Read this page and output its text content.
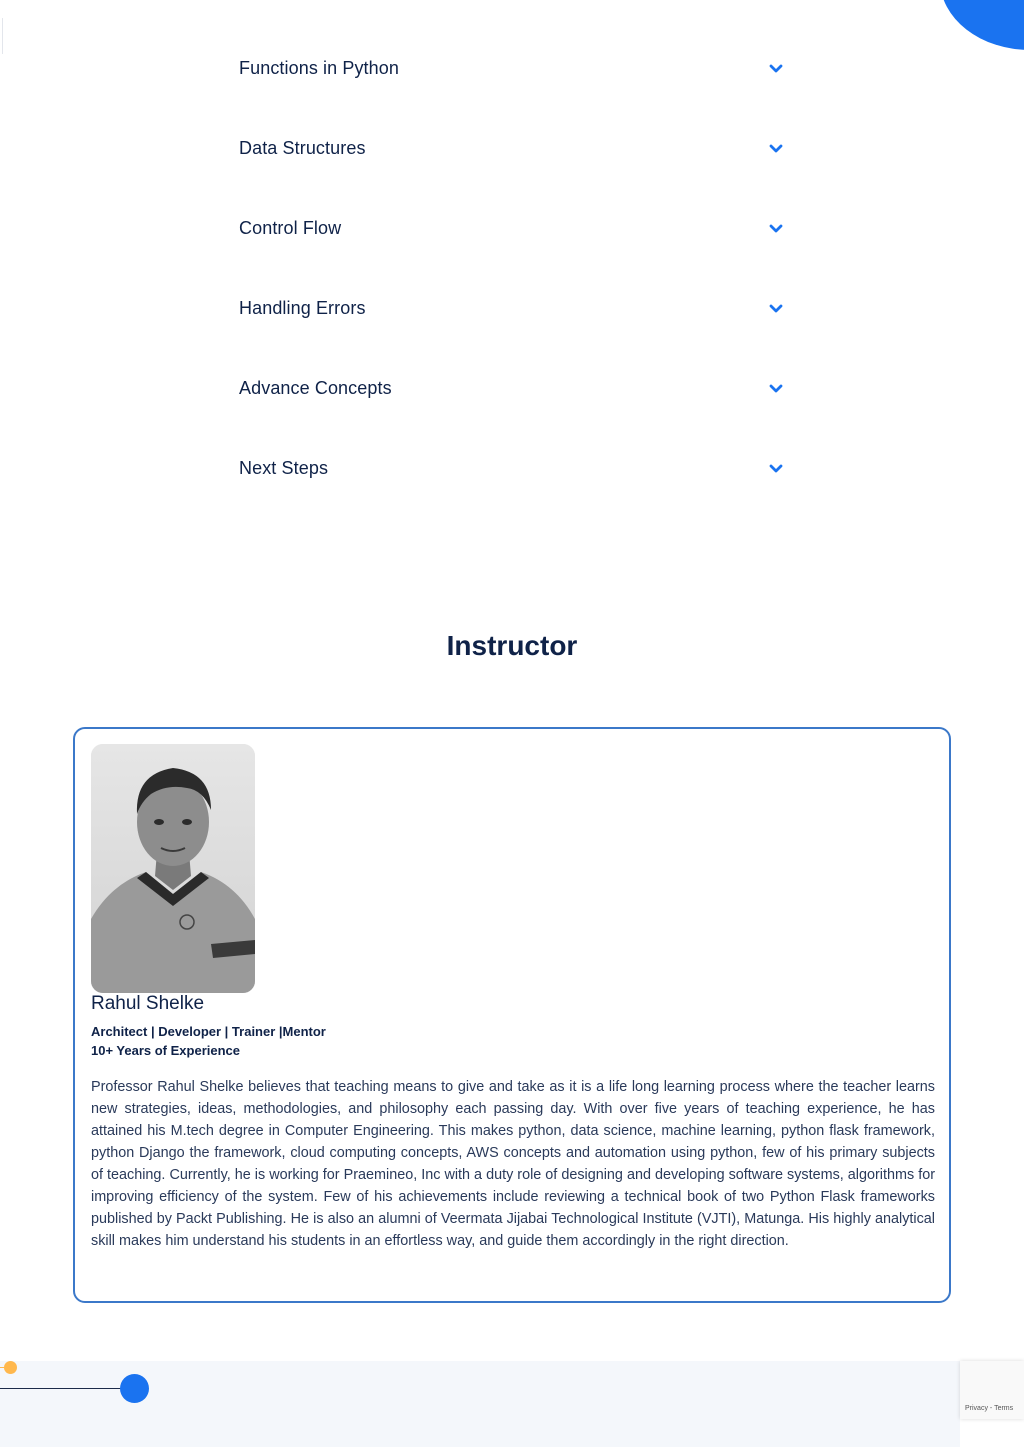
Functions in Python
Data Structures
Control Flow
Handling Errors
Advance Concepts
Next Steps
Instructor
Rahul Shelke
Architect | Developer | Trainer |Mentor
10+ Years of Experience

Professor Rahul Shelke believes that teaching means to give and take as it is a life long learning process where the teacher learns new strategies, ideas, methodologies, and philosophy each passing day. With over five years of teaching experience, he has attained his M.tech degree in Computer Engineering. This makes python, data science, machine learning, python flask framework, python Django the framework, cloud computing concepts, AWS concepts and automation using python, few of his primary subjects of teaching. Currently, he is working for Praemineo, Inc with a duty role of designing and developing software systems, algorithms for improving efficiency of the system. Few of his achievements include reviewing a technical book of two Python Flask frameworks published by Packt Publishing. He is also an alumni of Veermata Jijabai Technological Institute (VJTI), Matunga. His highly analytical skill makes him understand his students in an effortless way, and guide them accordingly in the right direction.

Privacy - Terms
